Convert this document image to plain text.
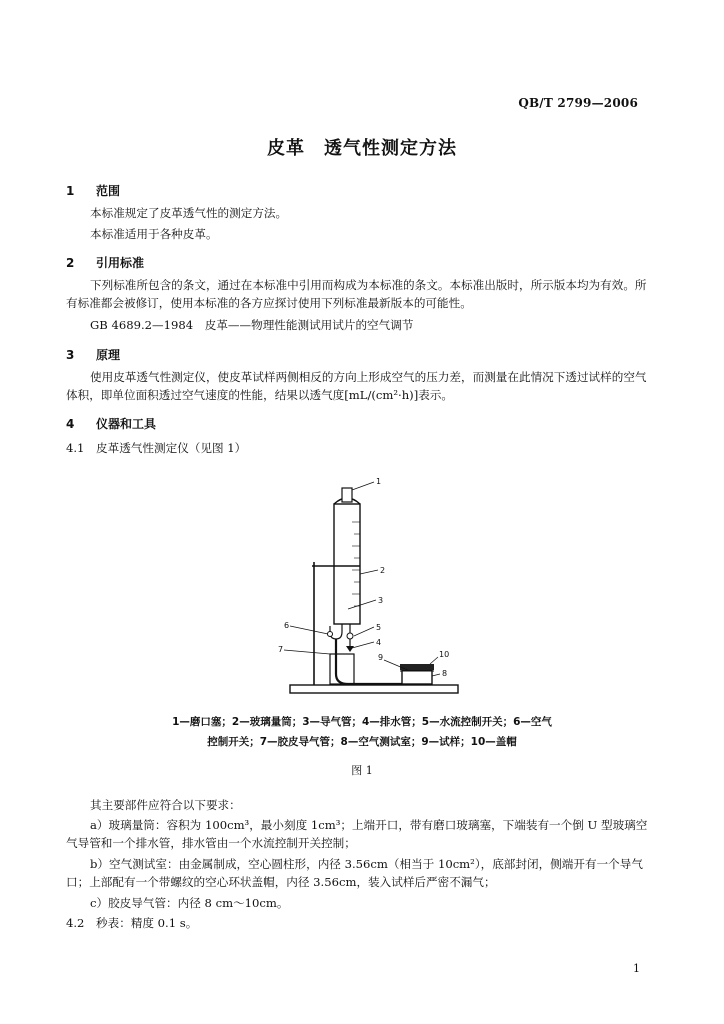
QB/T 2799—2006
皮革　透气性测定方法
1 范围
本标准规定了皮革透气性的测定方法。
本标准适用于各种皮革。
2 引用标准
下列标准所包含的条文，通过在本标准中引用而构成为本标准的条文。本标准出版时，所示版本均为有效。所有标准都会被修订，使用本标准的各方应探讨使用下列标准最新版本的可能性。
GB 4689.2—1984　皮革——物理性能测试用试片的空气调节
3 原理
使用皮革透气性测定仪，使皮革试样两侧相反的方向上形成空气的压力差，而测量在此情况下透过试样的空气体积，即单位面积透过空气速度的性能，结果以透气度[mL/(cm²·h)]表示。
4 仪器和工具
4.1　皮革透气性测定仪（见图 1）
1
2
3
5
6
4
7
9	10
8
1—磨口塞；2—玻璃量筒；3—导气管；4—排水管；5—水流控制开关；6—空气
控制开关；7—胶皮导气管；8—空气测试室；9—试样；10—盖帽
图 1
其主要部件应符合以下要求：
a）玻璃量筒：容积为 100cm³，最小刻度 1cm³；上端开口，带有磨口玻璃塞，下端装有一个倒 U 型玻璃空气导管和一个排水管，排水管由一个水流控制开关控制；
b）空气测试室：由金属制成，空心圆柱形，内径 3.56cm（相当于 10cm²），底部封闭，侧端开有一个导气口；上部配有一个带螺纹的空心环状盖帽，内径 3.56cm，装入试样后严密不漏气；
c）胶皮导气管：内径 8 cm～10cm。
4.2　秒表：精度 0.1 s。
1
